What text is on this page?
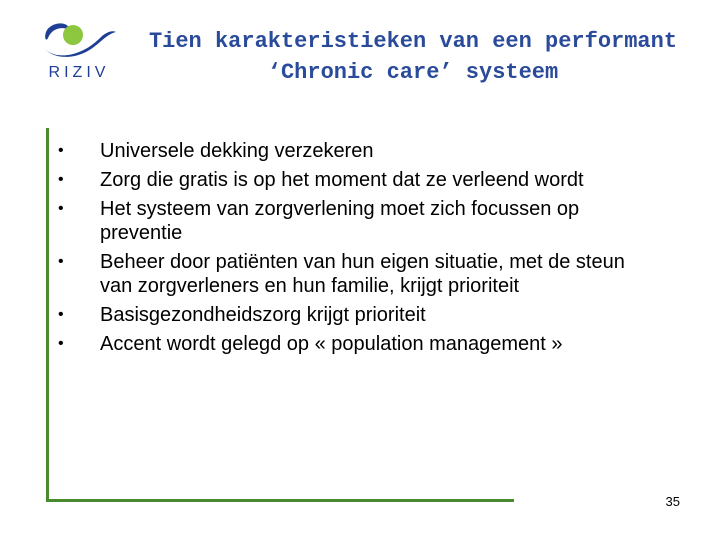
RIZIV
Tien karakteristieken van een performant
‘Chronic care’ systeem
• Universele dekking verzekeren
• Zorg die gratis is op het moment dat ze verleend wordt
• Het systeem van zorgverlening moet zich focussen op preventie
• Beheer door patiënten van hun eigen situatie, met de steun van zorgverleners en hun familie, krijgt prioriteit
• Basisgezondheidszorg krijgt prioriteit
• Accent wordt gelegd op « population management »
35
